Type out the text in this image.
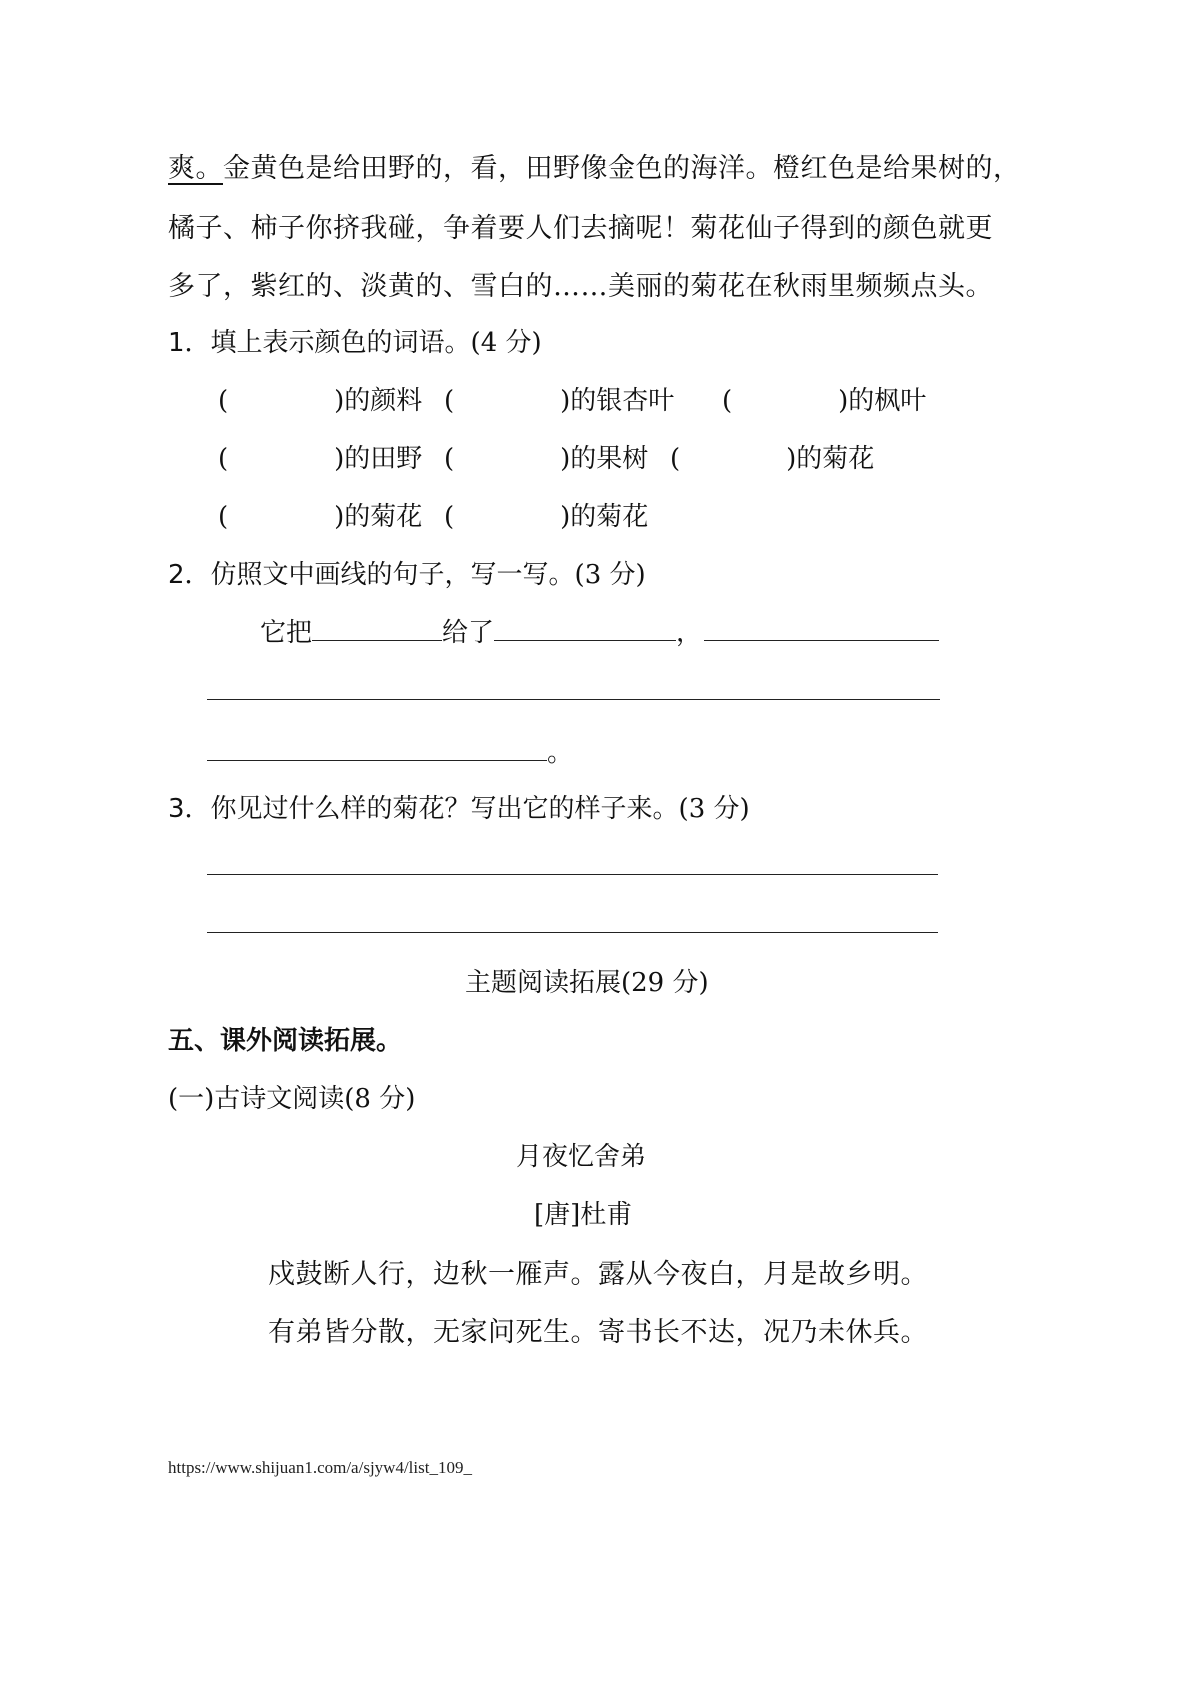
爽。金黄色是给田野的，看，田野像金色的海洋。橙红色是给果树的，
橘子、柿子你挤我碰，争着要人们去摘呢！菊花仙子得到的颜色就更
多了，紫红的、淡黄的、雪白的……美丽的菊花在秋雨里频频点头。
1．填上表示颜色的词语。(4 分)
(	)的颜料 (	)的银杏叶 (	)的枫叶
(	)的田野 (	)的果树 (	)的菊花
(	)的菊花 (	)的菊花
2．仿照文中画线的句子，写一写。(3 分)
它把	给了	，
。
3．你见过什么样的菊花？写出它的样子来。(3 分)
主题阅读拓展(29 分)
五、课外阅读拓展。
(一)古诗文阅读(8 分)
月夜忆舍弟
[唐]杜甫
戍鼓断人行，边秋一雁声。露从今夜白，月是故乡明。
有弟皆分散，无家问死生。寄书长不达，况乃未休兵。
https://www.shijuan1.com/a/sjyw4/list_109_
